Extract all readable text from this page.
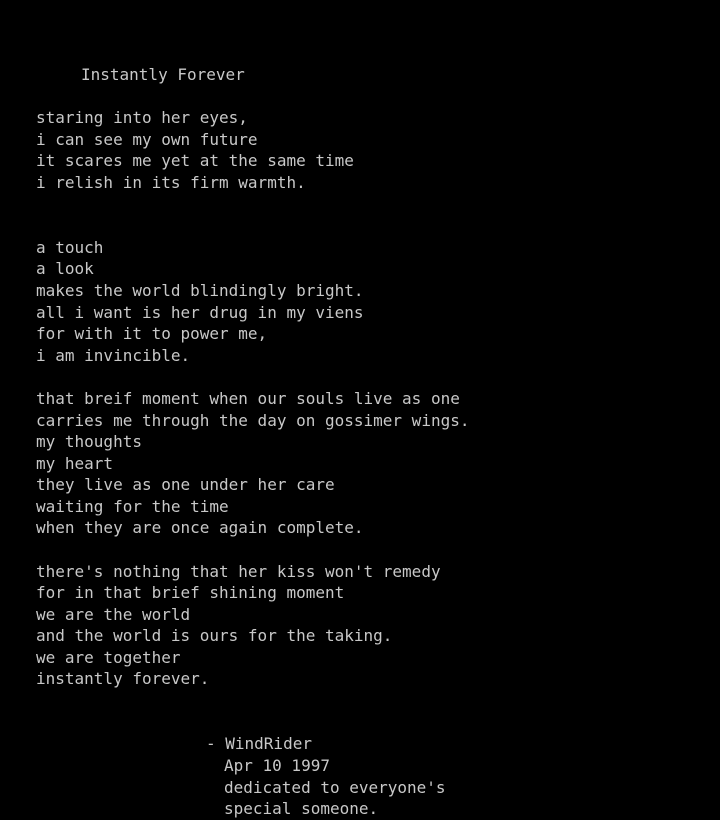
Instantly Forever

staring into her eyes,

i can see my own future

it scares me yet at the same time

i relish in its firm warmth.

a touch

a look

makes the world blindingly bright.

all i want is her drug in my viens

for with it to power me,

i am invincible.

that breif moment when our souls live as one

carries me through the day on gossimer wings.

my thoughts

my heart

they live as one under her care

waiting for the time

when they are once again complete.

there's nothing that her kiss won't remedy

for in that brief shining moment

we are the world

and the world is ours for the taking.

we are together

instantly forever.

- WindRider

Apr 10 1997

dedicated to everyone's

special someone.
